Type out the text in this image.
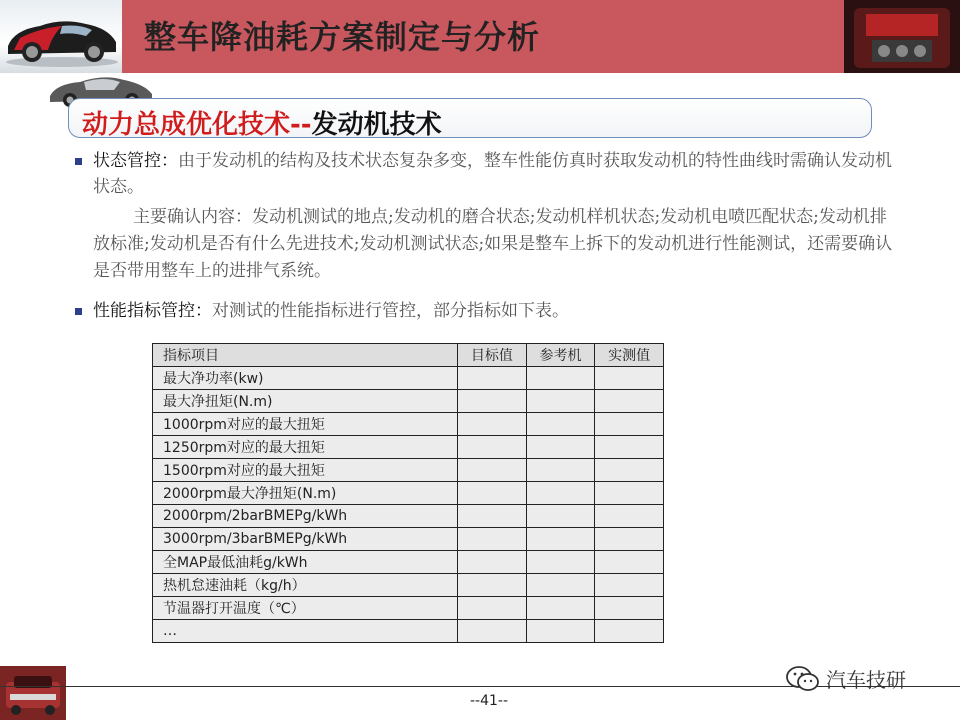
整车降油耗方案制定与分析
动力总成优化技术--发动机技术
状态管控：由于发动机的结构及技术状态复杂多变，整车性能仿真时获取发动机的特性曲线时需确认发动机状态。
主要确认内容：发动机测试的地点;发动机的磨合状态;发动机样机状态;发动机电喷匹配状态;发动机排放标准;发动机是否有什么先进技术;发动机测试状态;如果是整车上拆下的发动机进行性能测试，还需要确认是否带用整车上的进排气系统。
性能指标管控：对测试的性能指标进行管控，部分指标如下表。
指标项目	目标值	参考机	实测值
最大净功率(kw)			
最大净扭矩(N.m)			
1000rpm对应的最大扭矩			
1250rpm对应的最大扭矩			
1500rpm对应的最大扭矩			
2000rpm最大净扭矩(N.m)			
2000rpm/2barBMEPg/kWh			
3000rpm/3barBMEPg/kWh			
全MAP最低油耗g/kWh			
热机怠速油耗（kg/h）			
节温器打开温度（℃）			
…			
--41--
汽车技研
